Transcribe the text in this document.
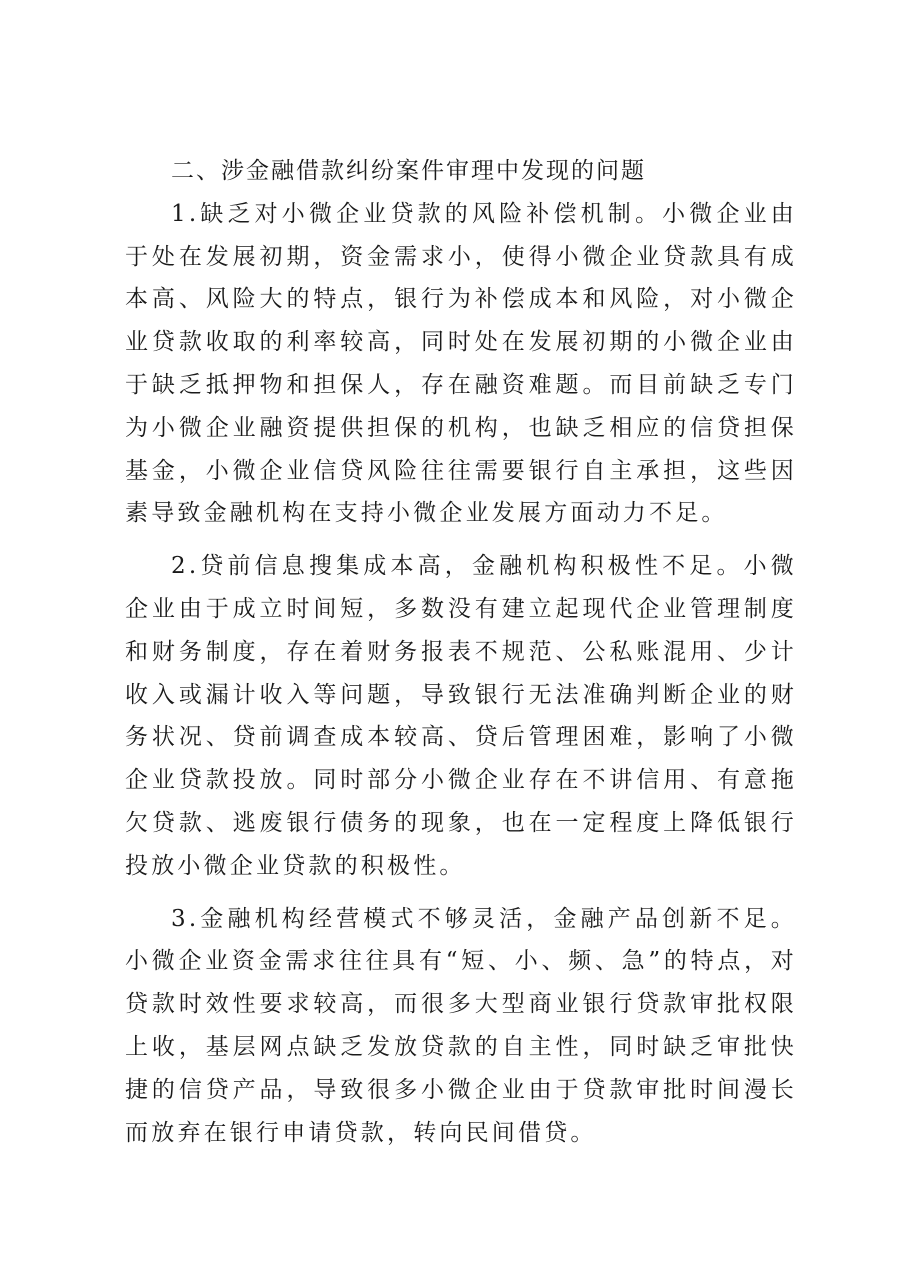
二、涉金融借款纠纷案件审理中发现的问题

1.缺乏对小微企业贷款的风险补偿机制。小微企业由于处在发展初期，资金需求小，使得小微企业贷款具有成本高、风险大的特点，银行为补偿成本和风险，对小微企业贷款收取的利率较高，同时处在发展初期的小微企业由于缺乏抵押物和担保人，存在融资难题。而目前缺乏专门为小微企业融资提供担保的机构，也缺乏相应的信贷担保基金，小微企业信贷风险往往需要银行自主承担，这些因素导致金融机构在支持小微企业发展方面动力不足。

2.贷前信息搜集成本高，金融机构积极性不足。小微企业由于成立时间短，多数没有建立起现代企业管理制度和财务制度，存在着财务报表不规范、公私账混用、少计收入或漏计收入等问题，导致银行无法准确判断企业的财务状况、贷前调查成本较高、贷后管理困难，影响了小微企业贷款投放。同时部分小微企业存在不讲信用、有意拖欠贷款、逃废银行债务的现象，也在一定程度上降低银行投放小微企业贷款的积极性。

3.金融机构经营模式不够灵活，金融产品创新不足。小微企业资金需求往往具有“短、小、频、急”的特点，对贷款时效性要求较高，而很多大型商业银行贷款审批权限上收，基层网点缺乏发放贷款的自主性，同时缺乏审批快捷的信贷产品，导致很多小微企业由于贷款审批时间漫长而放弃在银行申请贷款，转向民间借贷。
